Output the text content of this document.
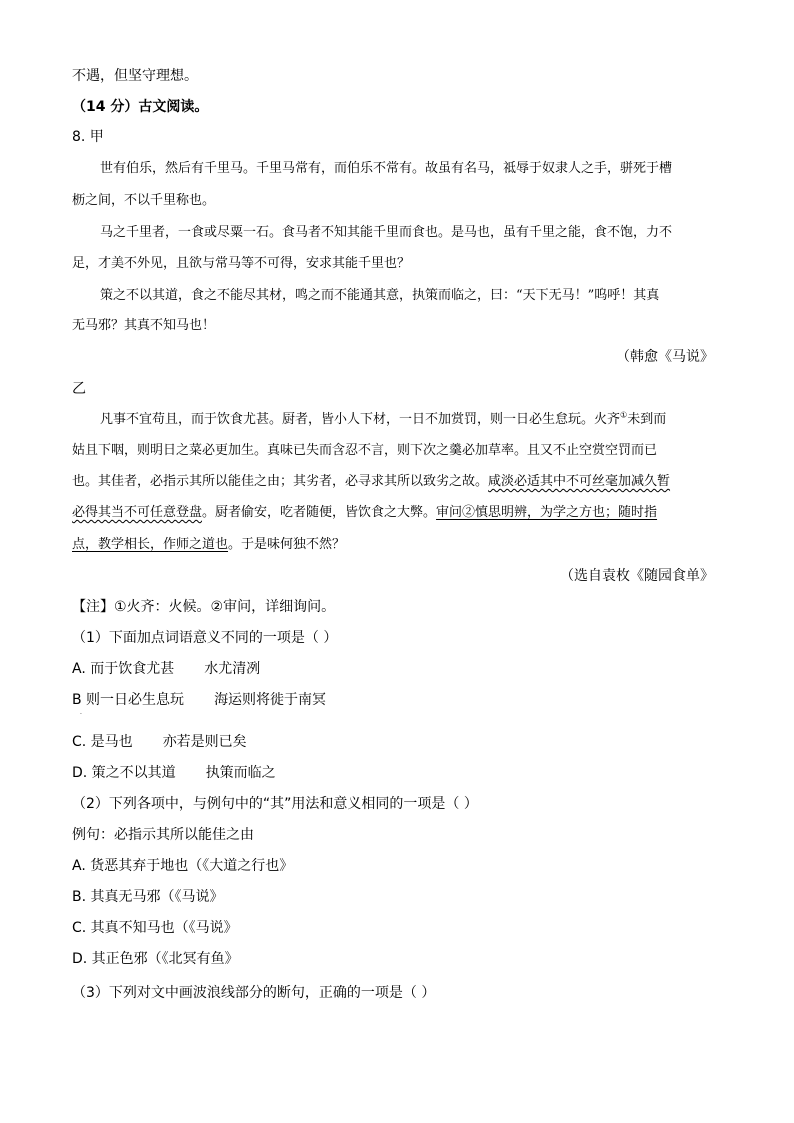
不遇，但坚守理想。
（14 分）古文阅读。
8. 甲
世有伯乐，然后有千里马。千里马常有，而伯乐不常有。故虽有名马，祗辱于奴隶人之手，骈死于槽
枥之间，不以千里称也。
马之千里者，一食或尽粟一石。食马者不知其能千里而食也。是马也，虽有千里之能，食不饱，力不
足，才美不外见，且欲与常马等不可得，安求其能千里也？
策之不以其道，食之不能尽其材，鸣之而不能通其意，执策而临之，曰：“天下无马！”呜呼！其真
无马邪？其真不知马也！
（韩愈《马说》
乙
凡事不宜苟且，而于饮食尤甚。厨者，皆小人下材，一日不加赏罚，则一日必生怠玩。火齐①未到而
姑且下咽，则明日之菜必更加生。真味已失而含忍不言，则下次之羹必加草率。且又不止空赏空罚而已
也。其佳者，必指示其所以能佳之由；其劣者，必寻求其所以致劣之故。咸淡必适其中不可丝毫加减久暂
必得其当不可任意登盘。厨者偷安，吃者随便，皆饮食之大弊。审问②慎思明辨，为学之方也；随时指
点，教学相长，作师之道也。于是味何独不然？
（选自袁枚《随园食单》
【注】①火齐：火候。②审问，详细询问。
（1）下面加点词语意义不同的一项是（ ）
A. 而于饮食尤甚 水尤清冽
B 则一日必生息玩 海运则将徙于南冥
·
C. 是马也 亦若是则已矣
D. 策之不以其道 执策而临之
（2）下列各项中，与例句中的“其”用法和意义相同的一项是（ ）
例句：必指示其所以能佳之由
A. 货恶其弃于地也（《大道之行也》
B. 其真无马邪（《马说》
C. 其真不知马也（《马说》
D. 其正色邪（《北冥有鱼》
（3）下列对文中画波浪线部分的断句，正确的一项是（ ）
